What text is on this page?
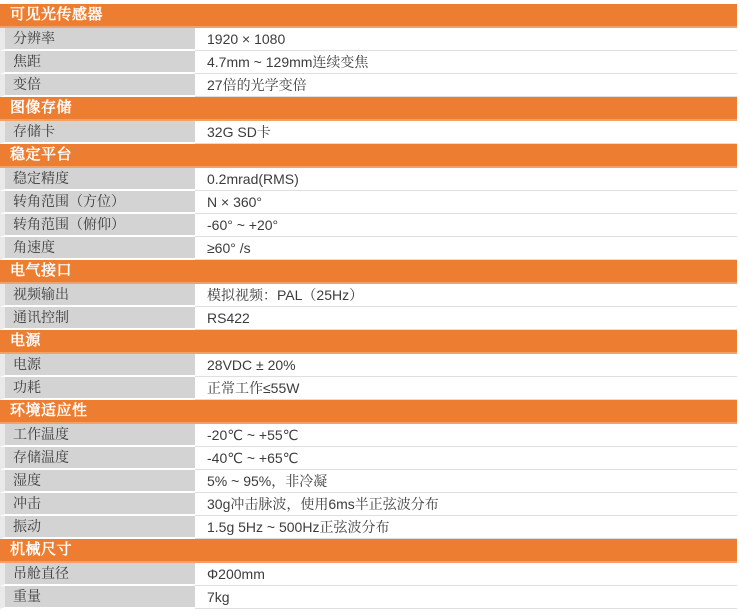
可见光传感器
分辨率	1920 × 1080
焦距	4.7mm ~ 129mm连续变焦
变倍	27倍的光学变倍
图像存储
存储卡	32G SD卡
稳定平台
稳定精度	0.2mrad(RMS)
转角范围（方位）	N × 360°
转角范围（俯仰）	-60° ~ +20°
角速度	≥60° /s
电气接口
视频输出	模拟视频：PAL（25Hz）
通讯控制	RS422
电源
电源	28VDC ± 20%
功耗	正常工作≤55W
环境适应性
工作温度	-20℃ ~ +55℃
存储温度	-40℃ ~ +65℃
湿度	5% ~ 95%，非冷凝
冲击	30g冲击脉波，使用6ms半正弦波分布
振动	1.5g 5Hz ~ 500Hz正弦波分布
机械尺寸
吊舱直径	Φ200mm
重量	7kg
